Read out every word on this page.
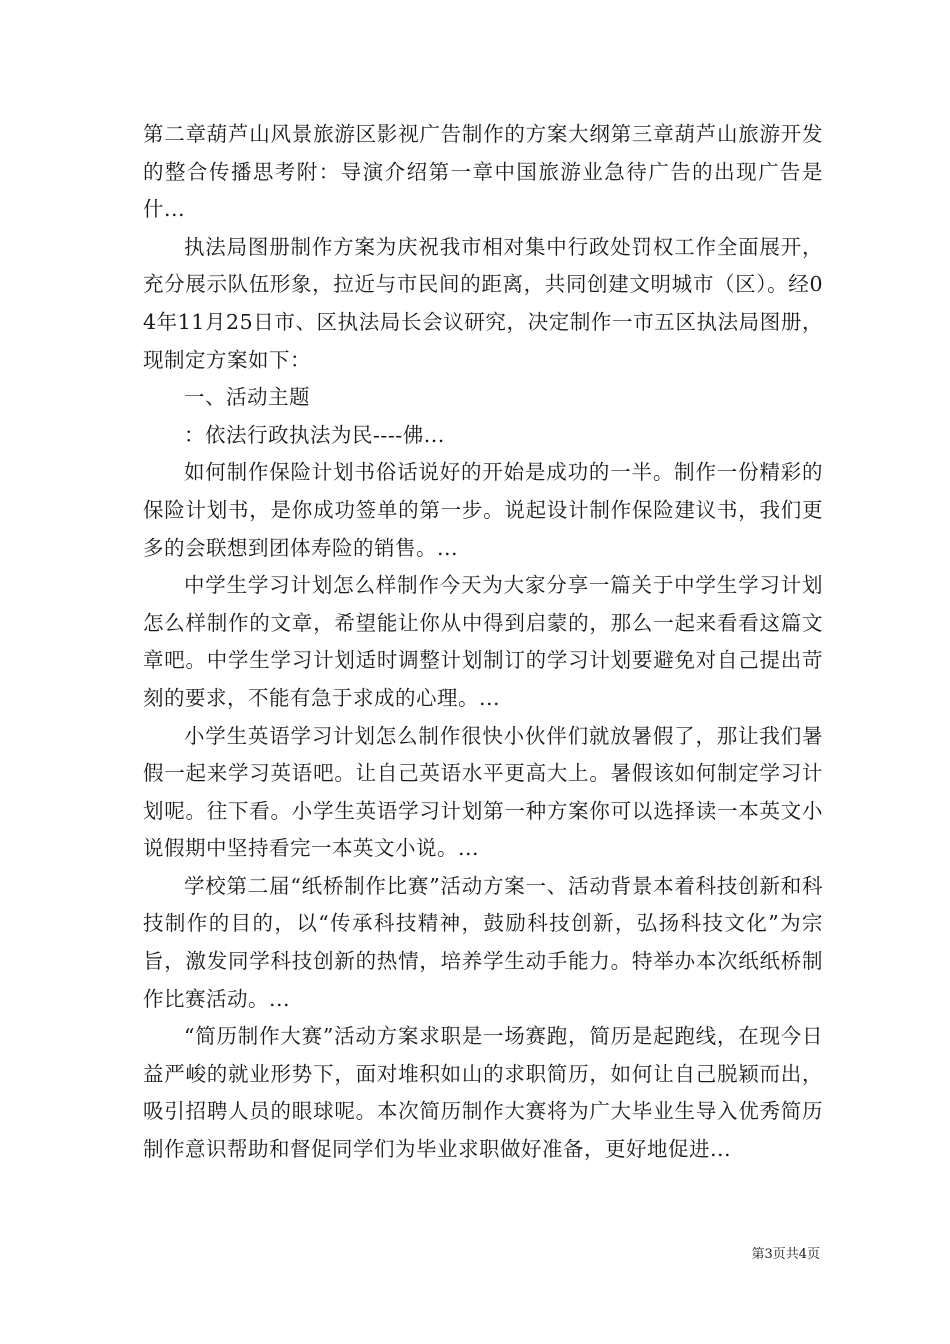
第二章葫芦山风景旅游区影视广告制作的方案大纲第三章葫芦山旅游开发的整合传播思考附：导演介绍第一章中国旅游业急待广告的出现广告是什...

执法局图册制作方案为庆祝我市相对集中行政处罚权工作全面展开，充分展示队伍形象，拉近与市民间的距离，共同创建文明城市（区）。经04年11月25日市、区执法局长会议研究，决定制作一市五区执法局图册，现制定方案如下：

一、活动主题

：依法行政执法为民----佛...

如何制作保险计划书俗话说好的开始是成功的一半。制作一份精彩的保险计划书，是你成功签单的第一步。说起设计制作保险建议书，我们更多的会联想到团体寿险的销售。...

中学生学习计划怎么样制作今天为大家分享一篇关于中学生学习计划怎么样制作的文章，希望能让你从中得到启蒙的，那么一起来看看这篇文章吧。中学生学习计划适时调整计划制订的学习计划要避免对自己提出苛刻的要求，不能有急于求成的心理。...

小学生英语学习计划怎么制作很快小伙伴们就放暑假了，那让我们暑假一起来学习英语吧。让自己英语水平更高大上。暑假该如何制定学习计划呢。往下看。小学生英语学习计划第一种方案你可以选择读一本英文小说假期中坚持看完一本英文小说。...

学校第二届“纸桥制作比赛”活动方案一、活动背景本着科技创新和科技制作的目的，以“传承科技精神，鼓励科技创新，弘扬科技文化”为宗旨，激发同学科技创新的热情，培养学生动手能力。特举办本次纸纸桥制作比赛活动。...

“简历制作大赛”活动方案求职是一场赛跑，简历是起跑线，在现今日益严峻的就业形势下，面对堆积如山的求职简历，如何让自己脱颖而出，吸引招聘人员的眼球呢。本次简历制作大赛将为广大毕业生导入优秀简历制作意识帮助和督促同学们为毕业求职做好准备，更好地促进...

第3页共4页
